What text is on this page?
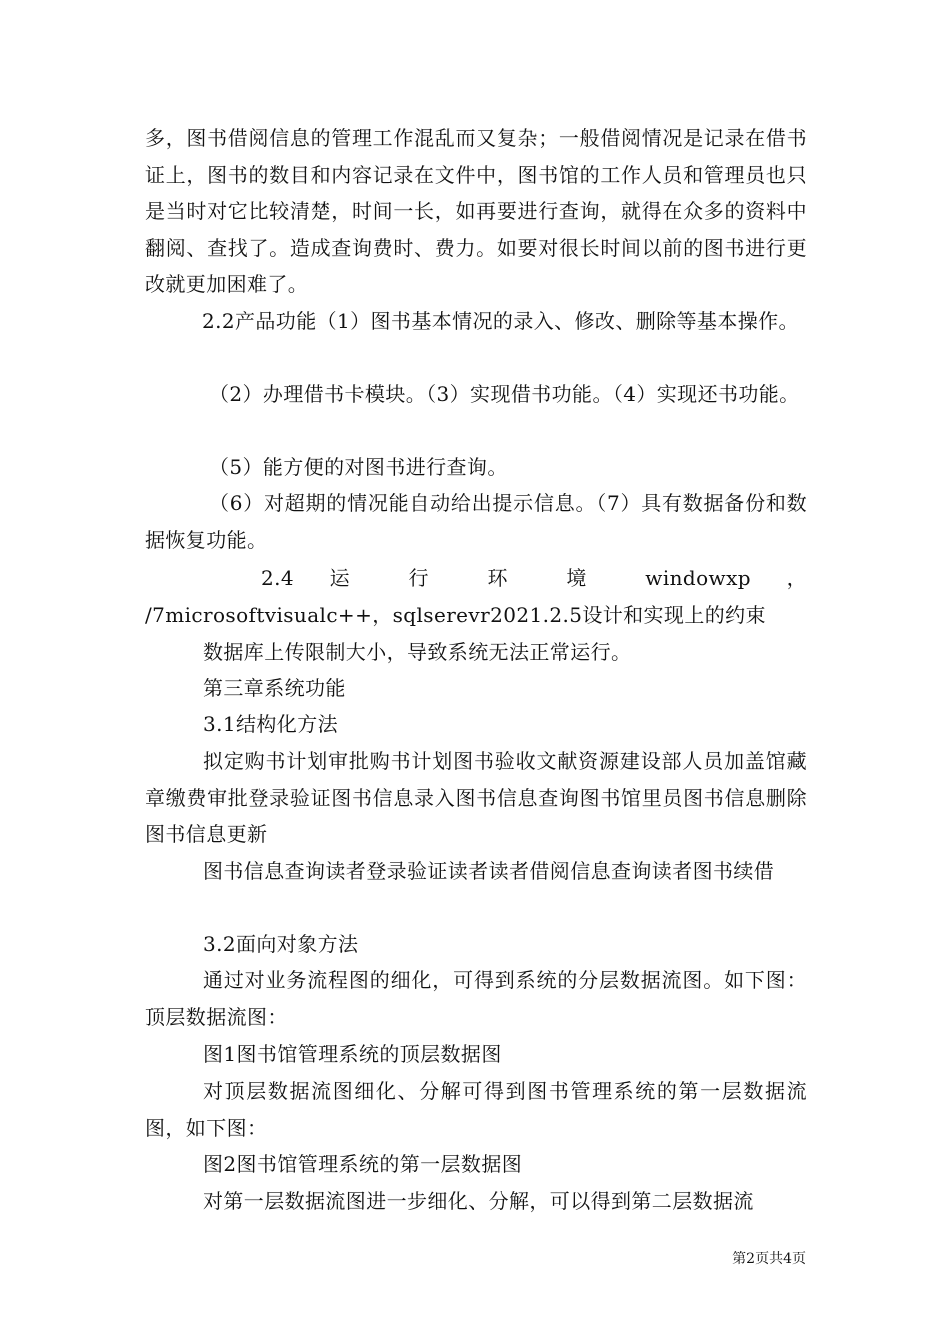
多，图书借阅信息的管理工作混乱而又复杂；一般借阅情况是记录在借书证上，图书的数目和内容记录在文件中，图书馆的工作人员和管理员也只是当时对它比较清楚，时间一长，如再要进行查询，就得在众多的资料中翻阅、查找了。造成查询费时、费力。如要对很长时间以前的图书进行更改就更加困难了。

2.2产品功能（1）图书基本情况的录入、修改、删除等基本操作。

（2）办理借书卡模块。（3）实现借书功能。（4）实现还书功能。

（5）能方便的对图书进行查询。

（6）对超期的情况能自动给出提示信息。（7）具有数据备份和数据恢复功能。

2.4 运 行 环 境 windowxp ， /7microsoftvisualc++，sqlserevr2021.2.5设计和实现上的约束

数据库上传限制大小，导致系统无法正常运行。

第三章系统功能

3.1结构化方法

拟定购书计划审批购书计划图书验收文献资源建设部人员加盖馆藏章缴费审批登录验证图书信息录入图书信息查询图书馆里员图书信息删除图书信息更新

图书信息查询读者登录验证读者读者借阅信息查询读者图书续借

3.2面向对象方法

通过对业务流程图的细化，可得到系统的分层数据流图。如下图：顶层数据流图：

图1图书馆管理系统的顶层数据图

对顶层数据流图细化、分解可得到图书管理系统的第一层数据流图，如下图：

图2图书馆管理系统的第一层数据图

对第一层数据流图进一步细化、分解，可以得到第二层数据流

第2页共4页
